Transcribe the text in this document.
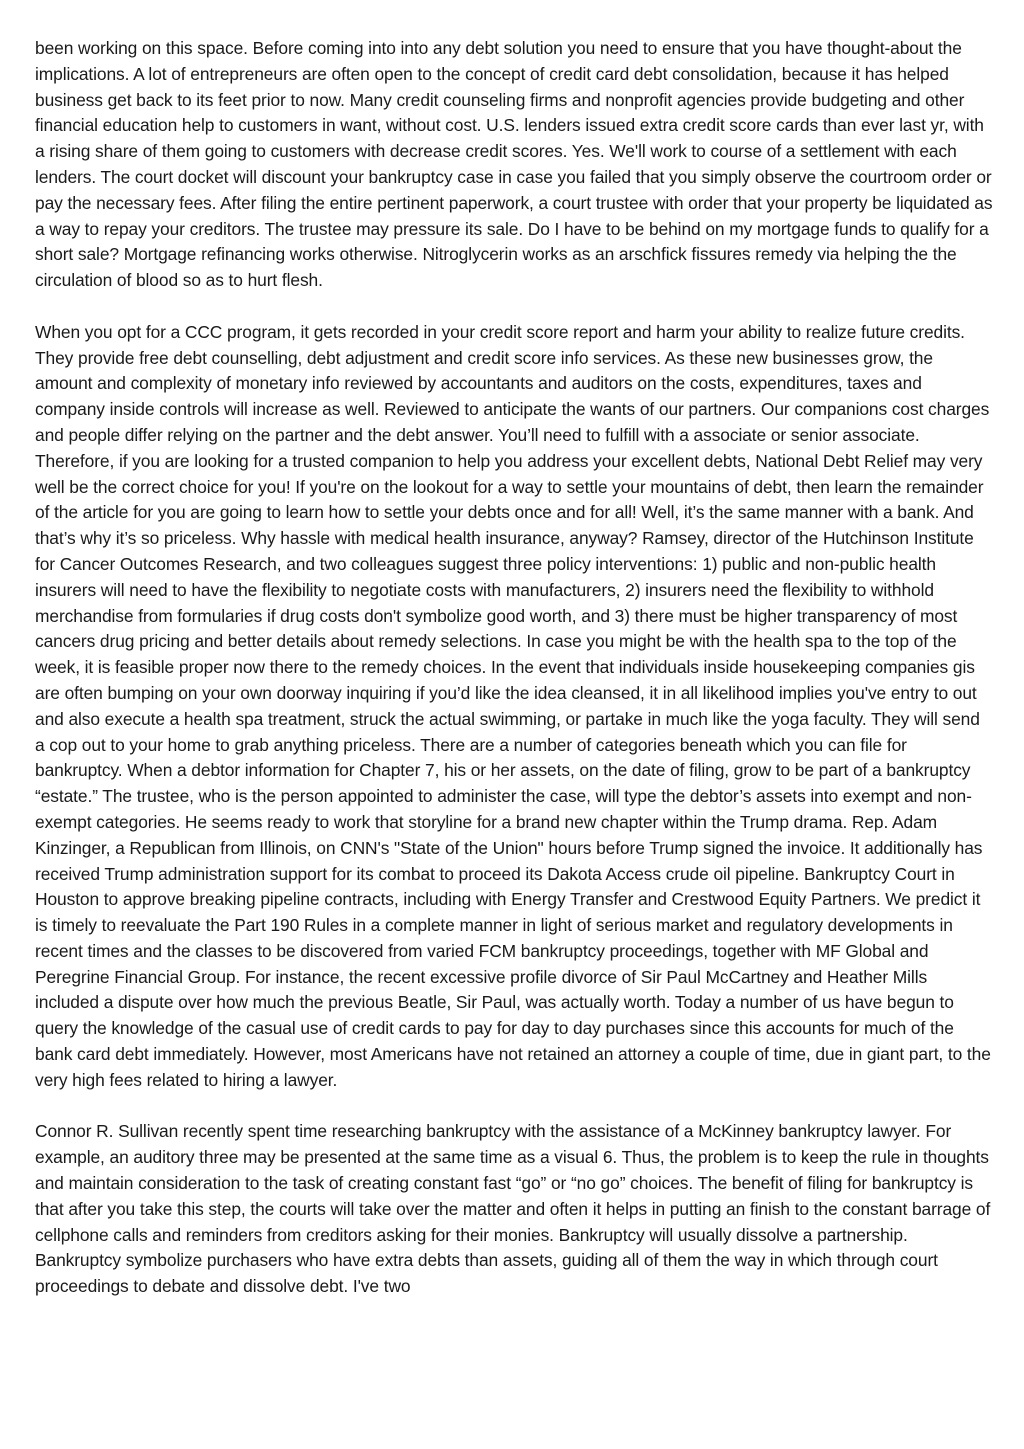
been working on this space. Before coming into into any debt solution you need to ensure that you have thought-about the implications. A lot of entrepreneurs are often open to the concept of credit card debt consolidation, because it has helped business get back to its feet prior to now. Many credit counseling firms and nonprofit agencies provide budgeting and other financial education help to customers in want, without cost. U.S. lenders issued extra credit score cards than ever last yr, with a rising share of them going to customers with decrease credit scores. Yes. We'll work to course of a settlement with each lenders. The court docket will discount your bankruptcy case in case you failed that you simply observe the courtroom order or pay the necessary fees. After filing the entire pertinent paperwork, a court trustee with order that your property be liquidated as a way to repay your creditors. The trustee may pressure its sale. Do I have to be behind on my mortgage funds to qualify for a short sale? Mortgage refinancing works otherwise. Nitroglycerin works as an arschfick fissures remedy via helping the the circulation of blood so as to hurt flesh.

When you opt for a CCC program, it gets recorded in your credit score report and harm your ability to realize future credits. They provide free debt counselling, debt adjustment and credit score info services. As these new businesses grow, the amount and complexity of monetary info reviewed by accountants and auditors on the costs, expenditures, taxes and company inside controls will increase as well. Reviewed to anticipate the wants of our partners. Our companions cost charges and people differ relying on the partner and the debt answer. You’ll need to fulfill with a associate or senior associate. Therefore, if you are looking for a trusted companion to help you address your excellent debts, National Debt Relief may very well be the correct choice for you! If you're on the lookout for a way to settle your mountains of debt, then learn the remainder of the article for you are going to learn how to settle your debts once and for all! Well, it’s the same manner with a bank. And that’s why it’s so priceless. Why hassle with medical health insurance, anyway? Ramsey, director of the Hutchinson Institute for Cancer Outcomes Research, and two colleagues suggest three policy interventions: 1) public and non-public health insurers will need to have the flexibility to negotiate costs with manufacturers, 2) insurers need the flexibility to withhold merchandise from formularies if drug costs don't symbolize good worth, and 3) there must be higher transparency of most cancers drug pricing and better details about remedy selections. In case you might be with the health spa to the top of the week, it is feasible proper now there to the remedy choices. In the event that individuals inside housekeeping companies gis are often bumping on your own doorway inquiring if you’d like the idea cleansed, it in all likelihood implies you've entry to out and also execute a health spa treatment, struck the actual swimming, or partake in much like the yoga faculty. They will send a cop out to your home to grab anything priceless. There are a number of categories beneath which you can file for bankruptcy. When a debtor information for Chapter 7, his or her assets, on the date of filing, grow to be part of a bankruptcy “estate.” The trustee, who is the person appointed to administer the case, will type the debtor’s assets into exempt and non-exempt categories. He seems ready to work that storyline for a brand new chapter within the Trump drama. Rep. Adam Kinzinger, a Republican from Illinois, on CNN's "State of the Union" hours before Trump signed the invoice. It additionally has received Trump administration support for its combat to proceed its Dakota Access crude oil pipeline. Bankruptcy Court in Houston to approve breaking pipeline contracts, including with Energy Transfer and Crestwood Equity Partners. We predict it is timely to reevaluate the Part 190 Rules in a complete manner in light of serious market and regulatory developments in recent times and the classes to be discovered from varied FCM bankruptcy proceedings, together with MF Global and Peregrine Financial Group. For instance, the recent excessive profile divorce of Sir Paul McCartney and Heather Mills included a dispute over how much the previous Beatle, Sir Paul, was actually worth. Today a number of us have begun to query the knowledge of the casual use of credit cards to pay for day to day purchases since this accounts for much of the bank card debt immediately. However, most Americans have not retained an attorney a couple of time, due in giant part, to the very high fees related to hiring a lawyer.

Connor R. Sullivan recently spent time researching bankruptcy with the assistance of a McKinney bankruptcy lawyer. For example, an auditory three may be presented at the same time as a visual 6. Thus, the problem is to keep the rule in thoughts and maintain consideration to the task of creating constant fast “go” or “no go” choices. The benefit of filing for bankruptcy is that after you take this step, the courts will take over the matter and often it helps in putting an finish to the constant barrage of cellphone calls and reminders from creditors asking for their monies. Bankruptcy will usually dissolve a partnership. Bankruptcy symbolize purchasers who have extra debts than assets, guiding all of them the way in which through court proceedings to debate and dissolve debt. I've two
